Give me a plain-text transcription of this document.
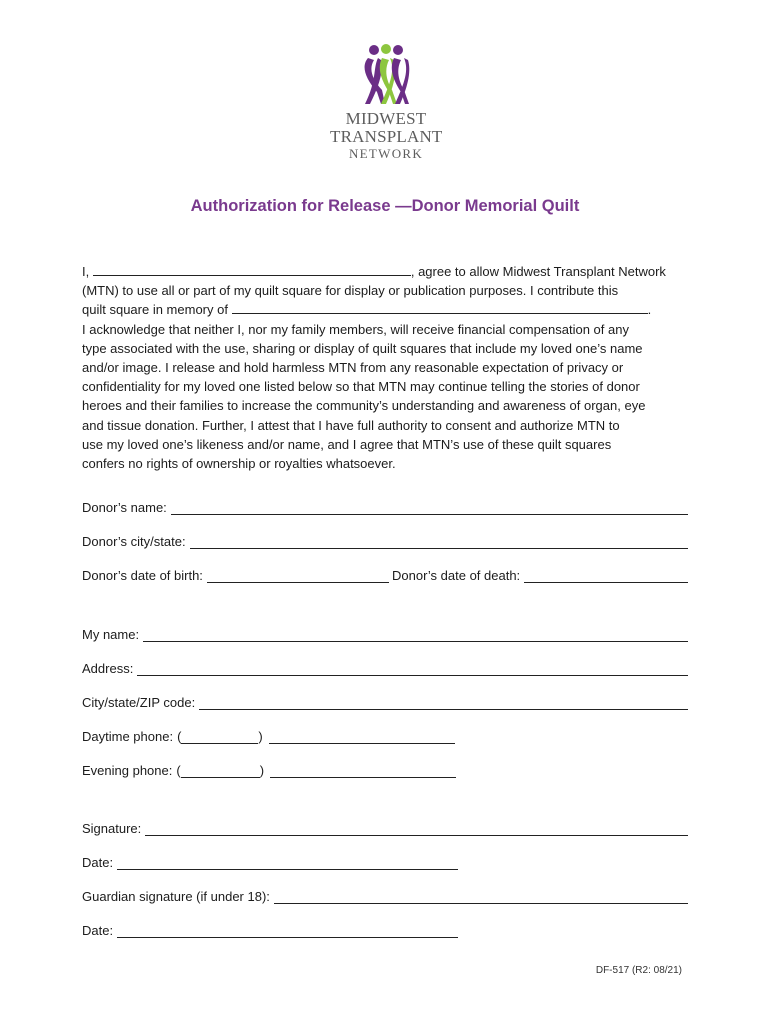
MIDWEST
TRANSPLANT
NETWORK
Authorization for Release —Donor Memorial Quilt
I,	, agree to allow Midwest Transplant Network
(MTN) to use all or part of my quilt square for display or publication purposes. I contribute this
quilt square in memory of	.
I acknowledge that neither I, nor my family members, will receive financial compensation of any
type associated with the use, sharing or display of quilt squares that include my loved one’s name
and/or image. I release and hold harmless MTN from any reasonable expectation of privacy or
confidentiality for my loved one listed below so that MTN may continue telling the stories of donor
heroes and their families to increase the community’s understanding and awareness of organ, eye
and tissue donation. Further, I attest that I have full authority to consent and authorize MTN to
use my loved one’s likeness and/or name, and I agree that MTN’s use of these quilt squares
confers no rights of ownership or royalties whatsoever.
Donor’s name:
Donor’s city/state:
Donor’s date of birth:	Donor’s date of death:
My name:
Address:
City/state/ZIP code:
Daytime phone: (	)
Evening phone: (	)
Signature:
Date:
Guardian signature (if under 18):
Date:
DF-517 (R2: 08/21)
